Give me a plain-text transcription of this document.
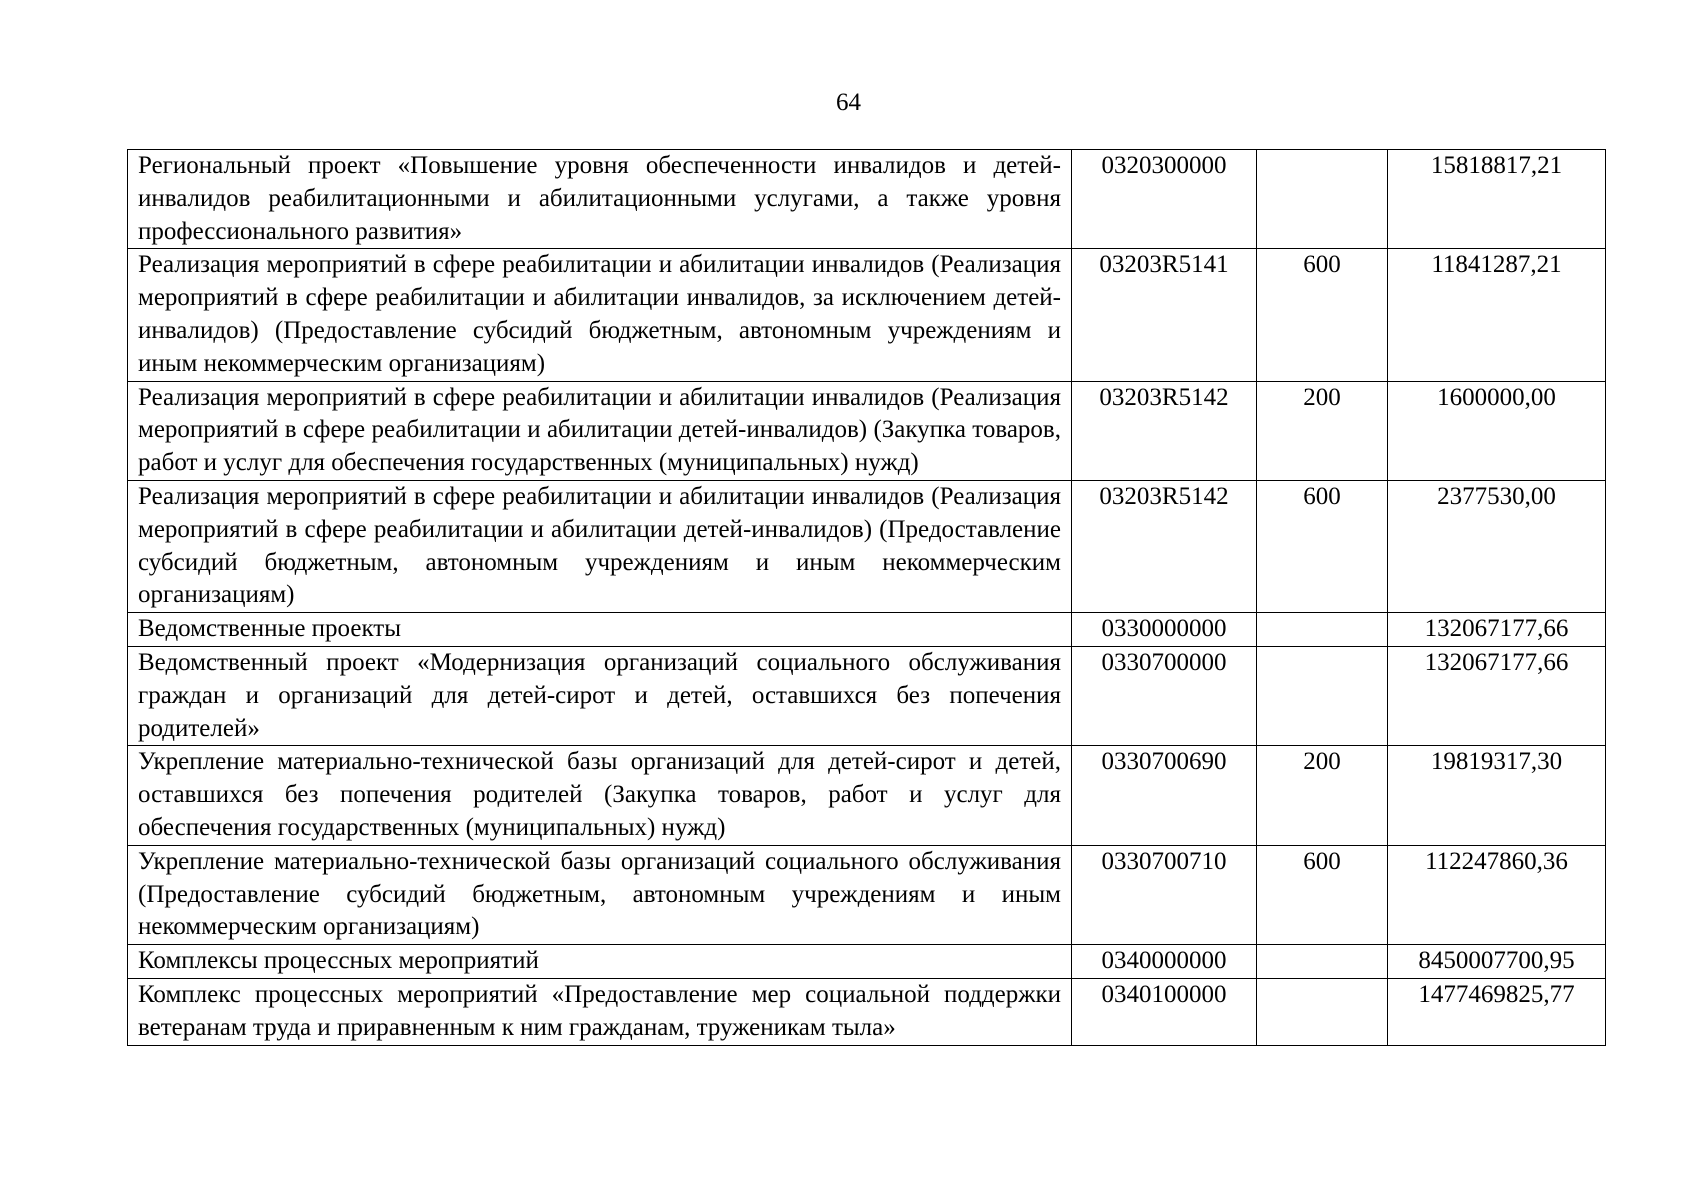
64
Региональный проект «Повышение уровня обеспеченности инвалидов и детей-инвалидов реабилитационными и абилитационными услугами, а также уровня профессионального развития»	0320300000		15818817,21
Реализация мероприятий в сфере реабилитации и абилитации инвалидов (Реализация мероприятий в сфере реабилитации и абилитации инвалидов, за исключением детей-инвалидов) (Предоставление субсидий бюджетным, автономным учреждениям и иным некоммерческим организациям)	03203R5141	600	11841287,21
Реализация мероприятий в сфере реабилитации и абилитации инвалидов (Реализация мероприятий в сфере реабилитации и абилитации детей-инвалидов) (Закупка товаров, работ и услуг для обеспечения государственных (муниципальных) нужд)	03203R5142	200	1600000,00
Реализация мероприятий в сфере реабилитации и абилитации инвалидов (Реализация мероприятий в сфере реабилитации и абилитации детей-инвалидов) (Предоставление субсидий бюджетным, автономным учреждениям и иным некоммерческим организациям)	03203R5142	600	2377530,00
Ведомственные проекты	0330000000		132067177,66
Ведомственный проект «Модернизация организаций социального обслуживания граждан и организаций для детей-сирот и детей, оставшихся без попечения родителей»	0330700000		132067177,66
Укрепление материально-технической базы организаций для детей-сирот и детей, оставшихся без попечения родителей (Закупка товаров, работ и услуг для обеспечения государственных (муниципальных) нужд)	0330700690	200	19819317,30
Укрепление материально-технической базы организаций социального обслуживания (Предоставление субсидий бюджетным, автономным учреждениям и иным некоммерческим организациям)	0330700710	600	112247860,36
Комплексы процессных мероприятий	0340000000		8450007700,95
Комплекс процессных мероприятий «Предоставление мер социальной поддержки ветеранам труда и приравненным к ним гражданам, труженикам тыла»	0340100000		1477469825,77
